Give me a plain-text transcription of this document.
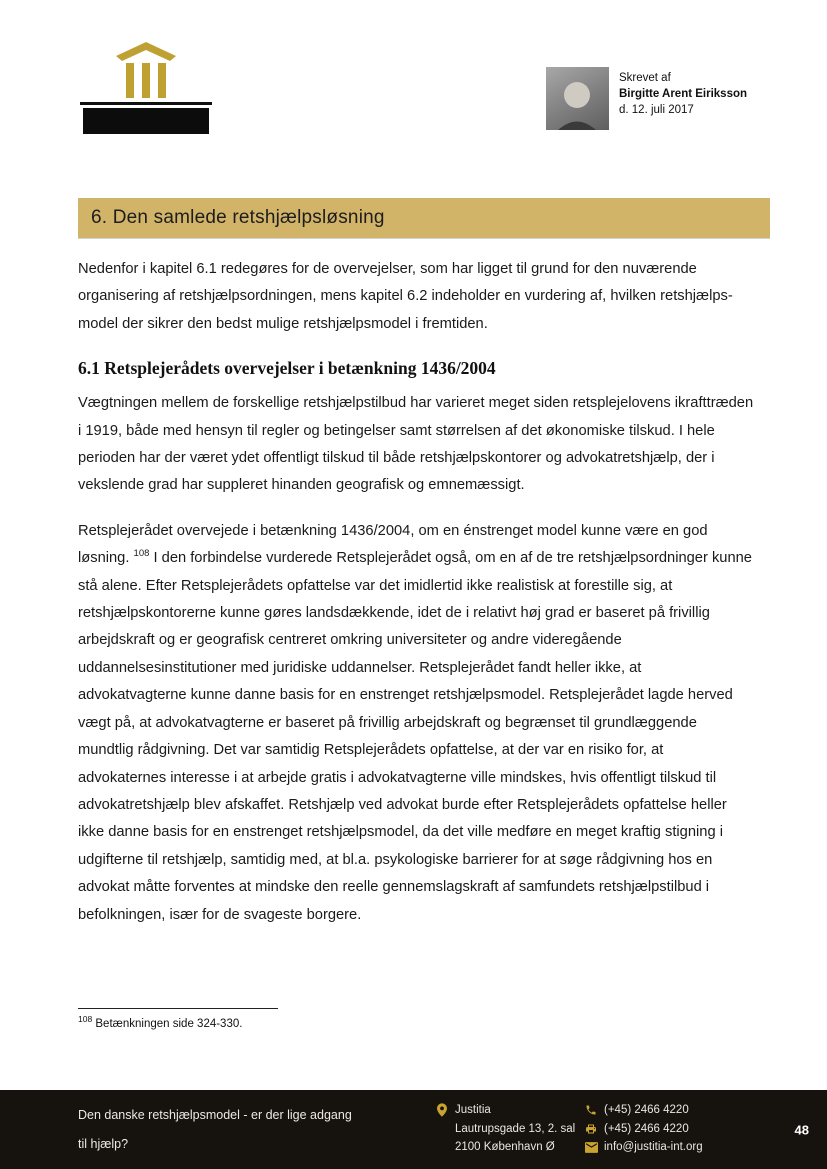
Skrevet af
Birgitte Arent Eiriksson
d. 12. juli 2017
6. Den samlede retshjælpsløsning

Nedenfor i kapitel 6.1 redegøres for de overvejelser, som har ligget til grund for den nuværende organisering af retshjælpsordningen, mens kapitel 6.2 indeholder en vurdering af, hvilken retshjælps-model der sikrer den bedst mulige retshjælpsmodel i fremtiden.

6.1 Retsplejerådets overvejelser i betænkning 1436/2004

Vægtningen mellem de forskellige retshjælpstilbud har varieret meget siden retsplejelovens ikrafttræden i 1919, både med hensyn til regler og betingelser samt størrelsen af det økonomiske tilskud. I hele perioden har der været ydet offentligt tilskud til både retshjælpskontorer og advokatretshjælp, der i vekslende grad har suppleret hinanden geografisk og emnemæssigt.

Retsplejerådet overvejede i betænkning 1436/2004, om en énstrenget model kunne være en god løsning. $^{108}$ I den forbindelse vurderede Retsplejerådet også, om en af de tre retshjælpsordninger kunne stå alene. Efter Retsplejerådets opfattelse var det imidlertid ikke realistisk at forestille sig, at retshjælpskontorerne kunne gøres landsdækkende, idet de i relativt høj grad er baseret på frivillig arbejdskraft og er geografisk centreret omkring universiteter og andre videregående uddannelsesinstitutioner med juridiske uddannelser. Retsplejerådet fandt heller ikke, at advokatvagterne kunne danne basis for en enstrenget retshjælpsmodel. Retsplejerådet lagde herved vægt på, at advokatvagterne er baseret på frivillig arbejdskraft og begrænset til grundlæggende mundtlig rådgivning. Det var samtidig Retsplejerådets opfattelse, at der var en risiko for, at advokaternes interesse i at arbejde gratis i advokatvagterne ville mindskes, hvis offentligt tilskud til advokatretshjælp blev afskaffet. Retshjælp ved advokat burde efter Retsplejerådets opfattelse heller ikke danne basis for en enstrenget retshjælpsmodel, da det ville medføre en meget kraftig stigning i udgifterne til retshjælp, samtidig med, at bl.a. psykologiske barrierer for at søge rådgivning hos en advokat måtte forventes at mindske den reelle gennemslagskraft af samfundets retshjælpstilbud i befolkningen, især for de svageste borgere.

$^{108}$ Betænkningen side 324-330.

Den danske retshjælpsmodel - er der lige adgang
til hjælp?
Justitia
Lautrupsgade 13, 2. sal
2100 København Ø
(+45) 2466 4220
(+45) 2466 4220
info@justitia-int.org
48
